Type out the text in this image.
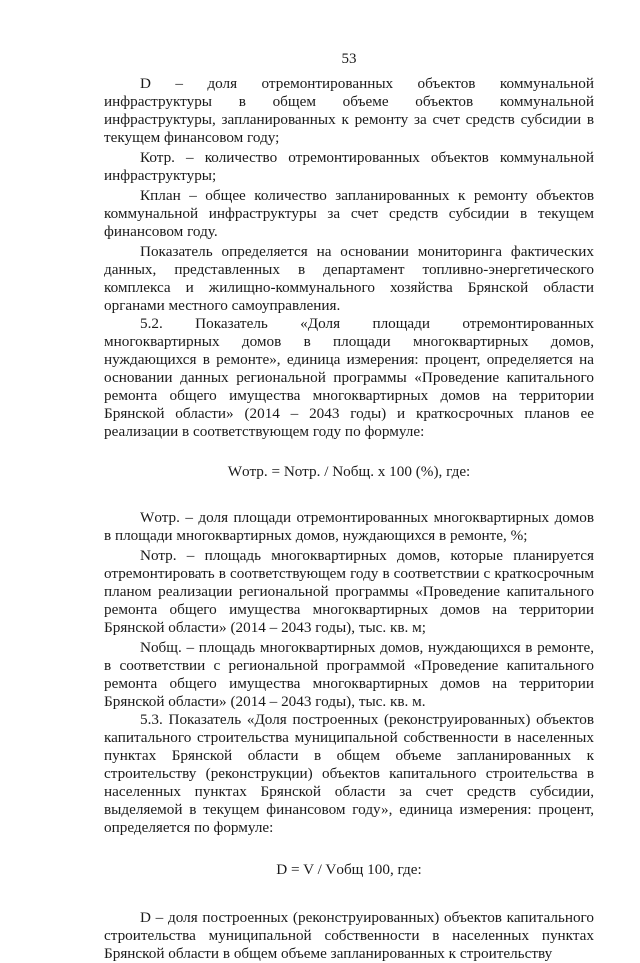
53

D – доля отремонтированных объектов коммунальной инфраструктуры в общем объеме объектов коммунальной инфраструктуры, запланированных к ремонту за счет средств субсидии в текущем финансовом году;

Котр. – количество отремонтированных объектов коммунальной инфраструктуры;

Кплан – общее количество запланированных к ремонту объектов коммунальной инфраструктуры за счет средств субсидии в текущем финансовом году.

Показатель определяется на основании мониторинга фактических данных, представленных в департамент топливно-энергетического комплекса и жилищно-коммунального хозяйства Брянской области органами местного самоуправления.

5.2. Показатель «Доля площади отремонтированных многоквартирных домов в площади многоквартирных домов, нуждающихся в ремонте», единица измерения: процент, определяется на основании данных региональной программы «Проведение капитального ремонта общего имущества многоквартирных домов на территории Брянской области» (2014 – 2043 годы) и краткосрочных планов ее реализации в соответствующем году по формуле:

Wотр. = Nотр. / Nобщ. х 100 (%), где:

Wотр. – доля площади отремонтированных многоквартирных домов в площади многоквартирных домов, нуждающихся в ремонте, %;

Nотр. – площадь многоквартирных домов, которые планируется отремонтировать в соответствующем году в соответствии с краткосрочным планом реализации региональной программы «Проведение капитального ремонта общего имущества многоквартирных домов на территории Брянской области» (2014 – 2043 годы), тыс. кв. м;

Nобщ. – площадь многоквартирных домов, нуждающихся в ремонте, в соответствии с региональной программой «Проведение капитального ремонта общего имущества многоквартирных домов на территории Брянской области» (2014 – 2043 годы), тыс. кв. м.

5.3. Показатель «Доля построенных (реконструированных) объектов капитального строительства муниципальной собственности в населенных пунктах Брянской области в общем объеме запланированных к строительству (реконструкции) объектов капитального строительства в населенных пунктах Брянской области за счет средств субсидии, выделяемой в текущем финансовом году», единица измерения: процент, определяется по формуле:

D = V / Vобщ 100, где:

D – доля построенных (реконструированных) объектов капитального строительства муниципальной собственности в населенных пунктах Брянской области в общем объеме запланированных к строительству
